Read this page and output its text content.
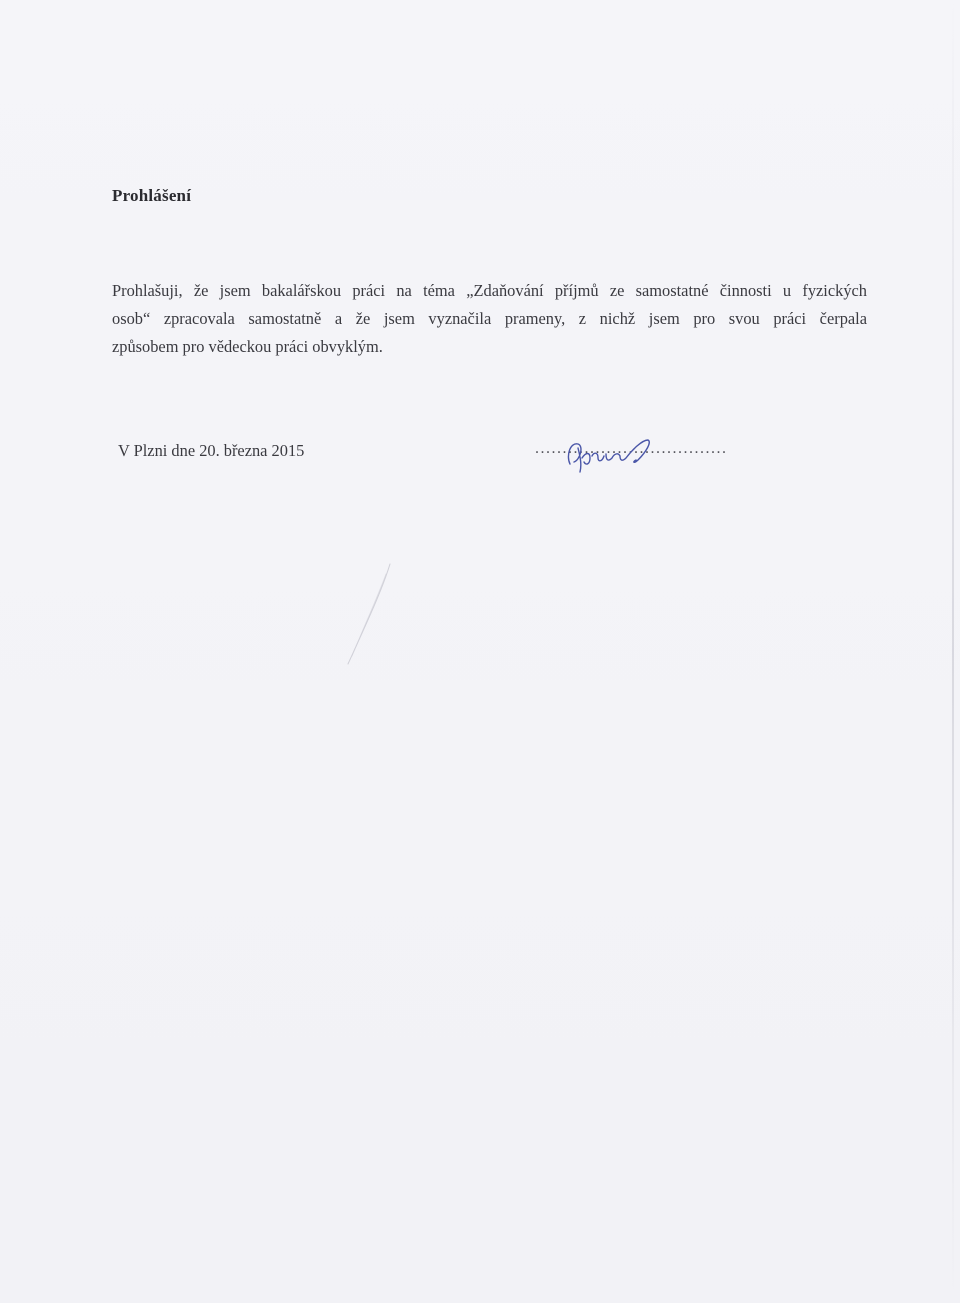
Prohlášení
Prohlašuji, že jsem bakalářskou práci na téma „Zdaňování příjmů ze samostatné činnosti u fyzických
osob“ zpracovala samostatně a že jsem vyznačila prameny, z nichž jsem pro svou práci čerpala
způsobem pro vědeckou práci obvyklým.
V Plzni dne 20. března 2015	...................................
